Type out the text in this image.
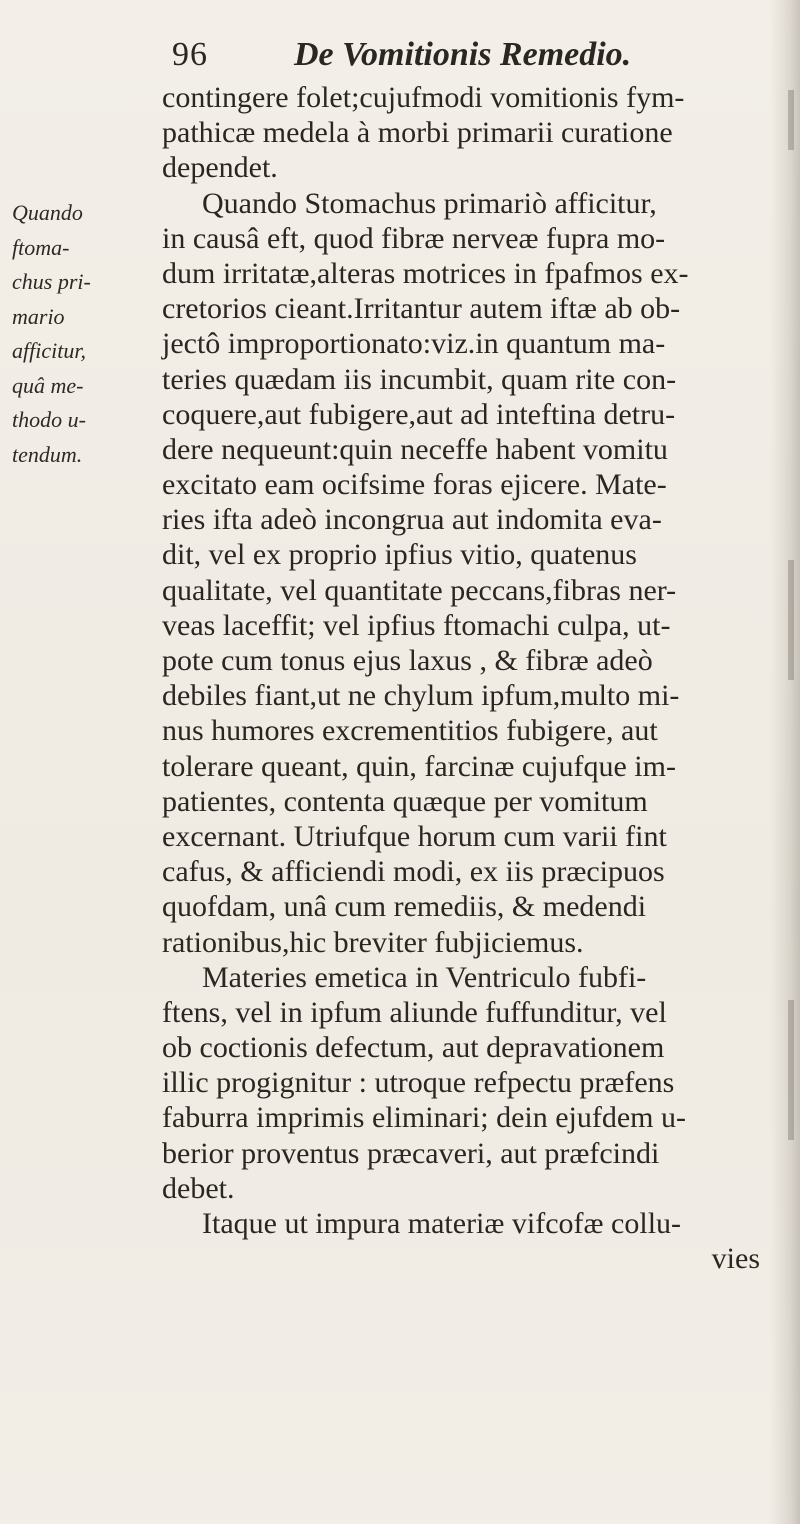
96	De Vomitionis Remedio.
Quando
ftoma-
chus pri-
mario
afficitur,
quâ me-
thodo u-
tendum.
contingere folet;cujufmodi vomitionis fym-
pathicæ medela à morbi primarii curatione
dependet.
Quando Stomachus primariò afficitur,
in causâ eft, quod fibræ nerveæ fupra mo-
dum irritatæ,alteras motrices in fpafmos ex-
cretorios cieant.Irritantur autem iftæ ab ob-
jectô improportionato:viz.in quantum ma-
teries quædam iis incumbit, quam rite con-
coquere,aut fubigere,aut ad inteftina detru-
dere nequeunt:quin neceffe habent vomitu
excitato eam ocifsime foras ejicere. Mate-
ries ifta adeò incongrua aut indomita eva-
dit, vel ex proprio ipfius vitio, quatenus
qualitate, vel quantitate peccans,fibras ner-
veas laceffit; vel ipfius ftomachi culpa, ut-
pote cum tonus ejus laxus , & fibræ adeò
debiles fiant,ut ne chylum ipfum,multo mi-
nus humores excrementitios fubigere, aut
tolerare queant, quin, farcinæ cujufque im-
patientes, contenta quæque per vomitum
excernant. Utriufque horum cum varii fint
cafus, & afficiendi modi, ex iis præcipuos
quofdam, unâ cum remediis, & medendi
rationibus,hic breviter fubjiciemus.
Materies emetica in Ventriculo fubfi-
ftens, vel in ipfum aliunde fuffunditur, vel
ob coctionis defectum, aut depravationem
illic progignitur : utroque refpectu præfens
faburra imprimis eliminari; dein ejufdem u-
berior proventus præcaveri, aut præfcindi
debet.
Itaque ut impura materiæ vifcofæ collu-
vies
